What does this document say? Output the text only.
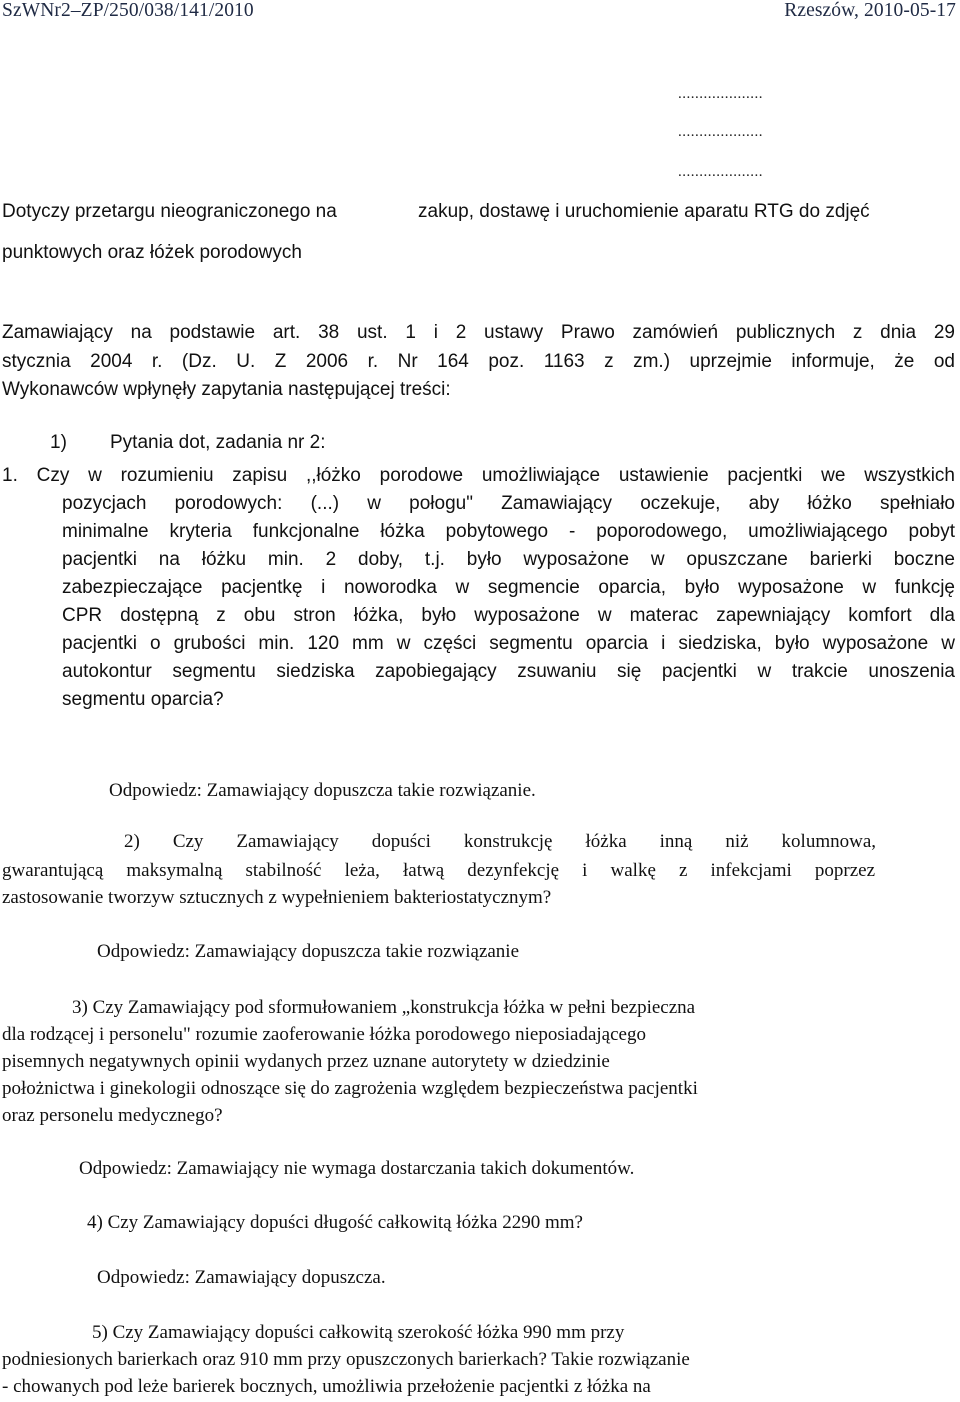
SzWNr2–ZP/250/038/141/2010	Rzeszów, 2010-05-17
....................
....................
....................
Dotyczy przetargu nieograniczonego na	zakup, dostawę i uruchomienie aparatu RTG do zdjęć
punktowych oraz łóżek porodowych
Zamawiający na podstawie art. 38 ust. 1 i 2 ustawy Prawo zamówień publicznych z dnia 29
stycznia 2004 r. (Dz. U. Z 2006 r. Nr 164 poz. 1163 z zm.) uprzejmie informuje, że od
Wykonawców wpłynęły zapytania następującej treści:
1) Pytania dot, zadania nr 2:
1. Czy w rozumieniu zapisu ,,łóżko porodowe umożliwiające ustawienie pacjentki we wszystkich
pozycjach porodowych: (...) w połogu" Zamawiający oczekuje, aby łóżko spełniało
minimalne kryteria funkcjonalne łóżka pobytowego - poporodowego, umożliwiającego pobyt
pacjentki na łóżku min. 2 doby, t.j. było wyposażone w opuszczane barierki boczne
zabezpieczające pacjentkę i noworodka w segmencie oparcia, było wyposażone w funkcję
CPR dostępną z obu stron łóżka, było wyposażone w materac zapewniający komfort dla
pacjentki o grubości min. 120 mm w części segmentu oparcia i siedziska, było wyposażone w
autokontur segmentu siedziska zapobiegający zsuwaniu się pacjentki w trakcie unoszenia
segmentu oparcia?
Odpowiedz: Zamawiający dopuszcza takie rozwiązanie.
2) Czy Zamawiający dopuści konstrukcję łóżka inną niż kolumnowa,
gwarantującą maksymalną stabilność leża, łatwą dezynfekcję i walkę z infekcjami poprzez
zastosowanie tworzyw sztucznych z wypełnieniem bakteriostatycznym?
Odpowiedz: Zamawiający dopuszcza takie rozwiązanie
3) Czy Zamawiający pod sformułowaniem „konstrukcja łóżka w pełni bezpieczna
dla rodzącej i personelu" rozumie zaoferowanie łóżka porodowego nieposiadającego
pisemnych negatywnych opinii wydanych przez uznane autorytety w dziedzinie
położnictwa i ginekologii odnoszące się do zagrożenia względem bezpieczeństwa pacjentki
oraz personelu medycznego?
Odpowiedz: Zamawiający nie wymaga dostarczania takich dokumentów.
4) Czy Zamawiający dopuści długość całkowitą łóżka 2290 mm?
Odpowiedz: Zamawiający dopuszcza.
5) Czy Zamawiający dopuści całkowitą szerokość łóżka 990 mm przy
podniesionych barierkach oraz 910 mm przy opuszczonych barierkach? Takie rozwiązanie
- chowanych pod leże barierek bocznych, umożliwia przełożenie pacjentki z łóżka na
